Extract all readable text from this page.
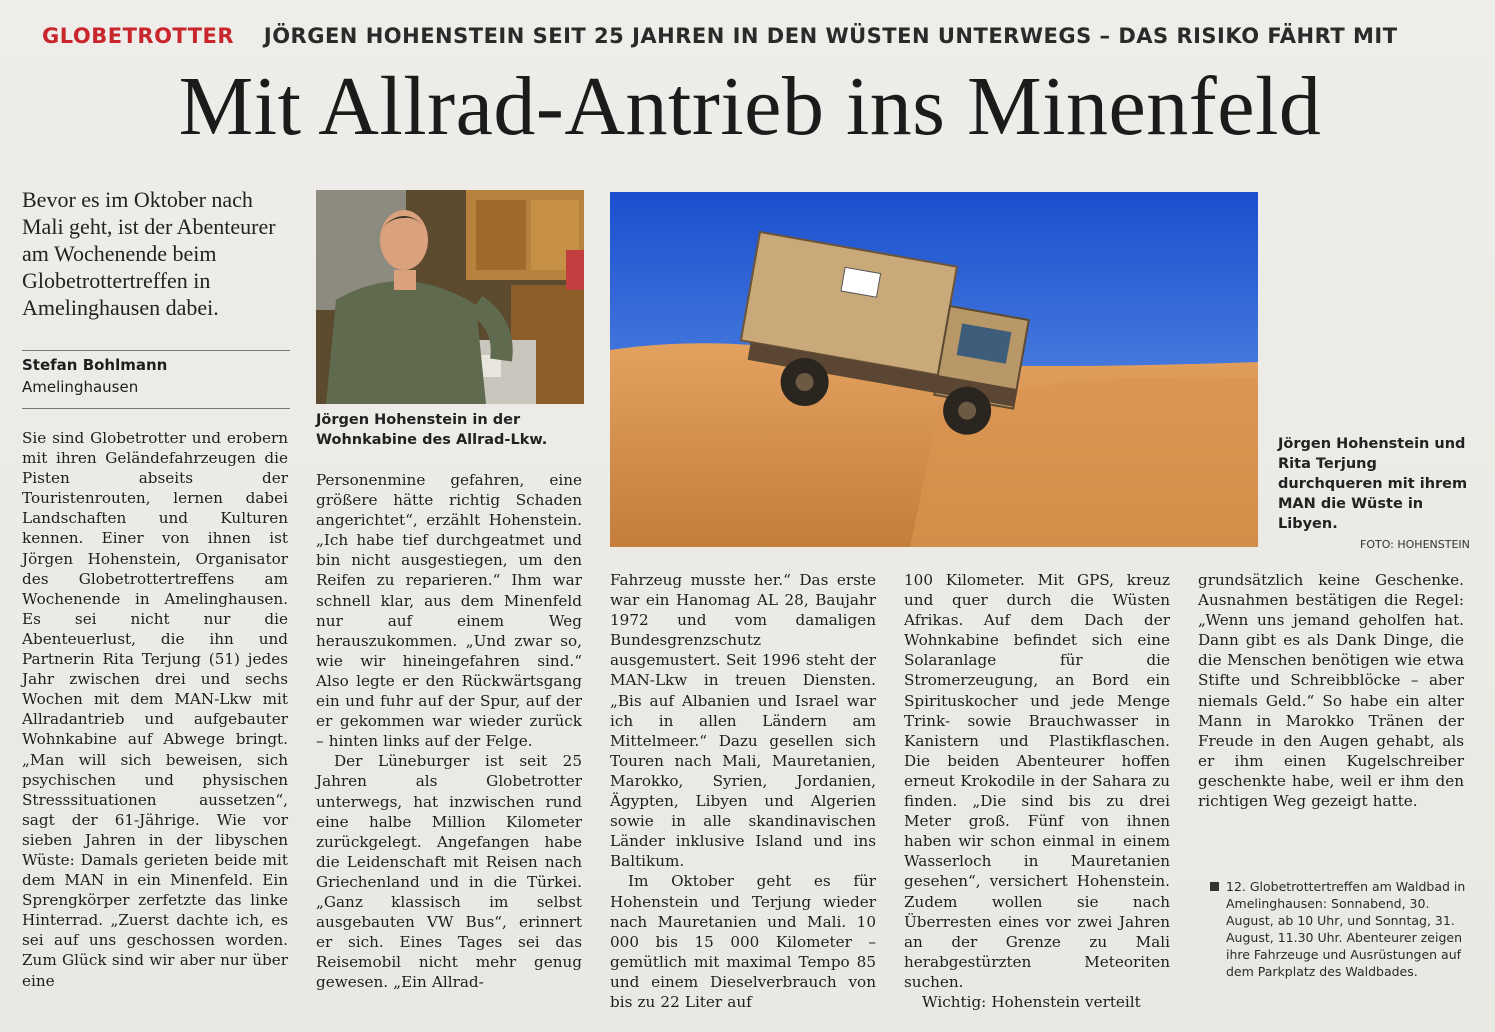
GLOBETROTTER JÖRGEN HOHENSTEIN SEIT 25 JAHREN IN DEN WÜSTEN UNTERWEGS – DAS RISIKO FÄHRT MIT
Mit Allrad-Antrieb ins Minenfeld
Bevor es im Oktober nach Mali geht, ist der Abenteurer am Wochenende beim Globetrottertreffen in Amelinghausen dabei.
Stefan Bohlmann
Amelinghausen
Jörgen Hohenstein in der Wohnkabine des Allrad-Lkw.	Jörgen Hohenstein und Rita Terjung durchqueren mit ihrem MAN die Wüste in Libyen.
FOTO: HOHENSTEIN

Sie sind Globetrotter und erobern mit ihren Geländefahrzeugen die Pisten abseits der Touristenrouten, lernen dabei Landschaften und Kulturen kennen. Einer von ihnen ist Jörgen Hohenstein, Organisator des Globetrottertreffens am Wochenende in Amelinghausen. Es sei nicht nur die Abenteuerlust, die ihn und Partnerin Rita Terjung (51) jedes Jahr zwischen drei und sechs Wochen mit dem MAN-Lkw mit Allradantrieb und aufgebauter Wohnkabine auf Abwege bringt. „Man will sich beweisen, sich psychischen und physischen Stresssituationen aussetzen“, sagt der 61-Jährige. Wie vor sieben Jahren in der libyschen Wüste: Damals gerieten beide mit dem MAN in ein Minenfeld. Ein Sprengkörper zerfetzte das linke Hinterrad. „Zuerst dachte ich, es sei auf uns geschossen worden. Zum Glück sind wir aber nur über eine

Personenmine gefahren, eine größere hätte richtig Schaden angerichtet“, erzählt Hohenstein. „Ich habe tief durchgeatmet und bin nicht ausgestiegen, um den Reifen zu reparieren.“ Ihm war schnell klar, aus dem Minenfeld nur auf einem Weg herauszukommen. „Und zwar so, wie wir hineingefahren sind.“ Also legte er den Rückwärtsgang ein und fuhr auf der Spur, auf der er gekommen war wieder zurück – hinten links auf der Felge.

Der Lüneburger ist seit 25 Jahren als Globetrotter unterwegs, hat inzwischen rund eine halbe Million Kilometer zurückgelegt. Angefangen habe die Leidenschaft mit Reisen nach Griechenland und in die Türkei. „Ganz klassisch im selbst ausgebauten VW Bus“, erinnert er sich. Eines Tages sei das Reisemobil nicht mehr genug gewesen. „Ein Allrad-

Fahrzeug musste her.“ Das erste war ein Hanomag AL 28, Baujahr 1972 und vom damaligen Bundesgrenzschutz ausgemustert. Seit 1996 steht der MAN-Lkw in treuen Diensten. „Bis auf Albanien und Israel war ich in allen Ländern am Mittelmeer.“ Dazu gesellen sich Touren nach Mali, Mauretanien, Marokko, Syrien, Jordanien, Ägypten, Libyen und Algerien sowie in alle skandinavischen Länder inklusive Island und ins Baltikum.

Im Oktober geht es für Hohenstein und Terjung wieder nach Mauretanien und Mali. 10 000 bis 15 000 Kilometer – gemütlich mit maximal Tempo 85 und einem Dieselverbrauch von bis zu 22 Liter auf

100 Kilometer. Mit GPS, kreuz und quer durch die Wüsten Afrikas. Auf dem Dach der Wohnkabine befindet sich eine Solaranlage für die Stromerzeugung, an Bord ein Spirituskocher und jede Menge Trink- sowie Brauchwasser in Kanistern und Plastikflaschen. Die beiden Abenteurer hoffen erneut Krokodile in der Sahara zu finden. „Die sind bis zu drei Meter groß. Fünf von ihnen haben wir schon einmal in einem Wasserloch in Mauretanien gesehen“, versichert Hohenstein. Zudem wollen sie nach Überresten eines vor zwei Jahren an der Grenze zu Mali herabgestürzten Meteoriten suchen.

Wichtig: Hohenstein verteilt

grundsätzlich keine Geschenke. Ausnahmen bestätigen die Regel: „Wenn uns jemand geholfen hat. Dann gibt es als Dank Dinge, die die Menschen benötigen wie etwa Stifte und Schreibblöcke – aber niemals Geld.“ So habe ein alter Mann in Marokko Tränen der Freude in den Augen gehabt, als er ihm einen Kugelschreiber geschenkte habe, weil er ihm den richtigen Weg gezeigt hatte.

12. Globetrottertreffen am Waldbad in Amelinghausen: Sonnabend, 30. August, ab 10 Uhr, und Sonntag, 31. August, 11.30 Uhr. Abenteurer zeigen ihre Fahrzeuge und Ausrüstungen auf dem Parkplatz des Waldbades.
